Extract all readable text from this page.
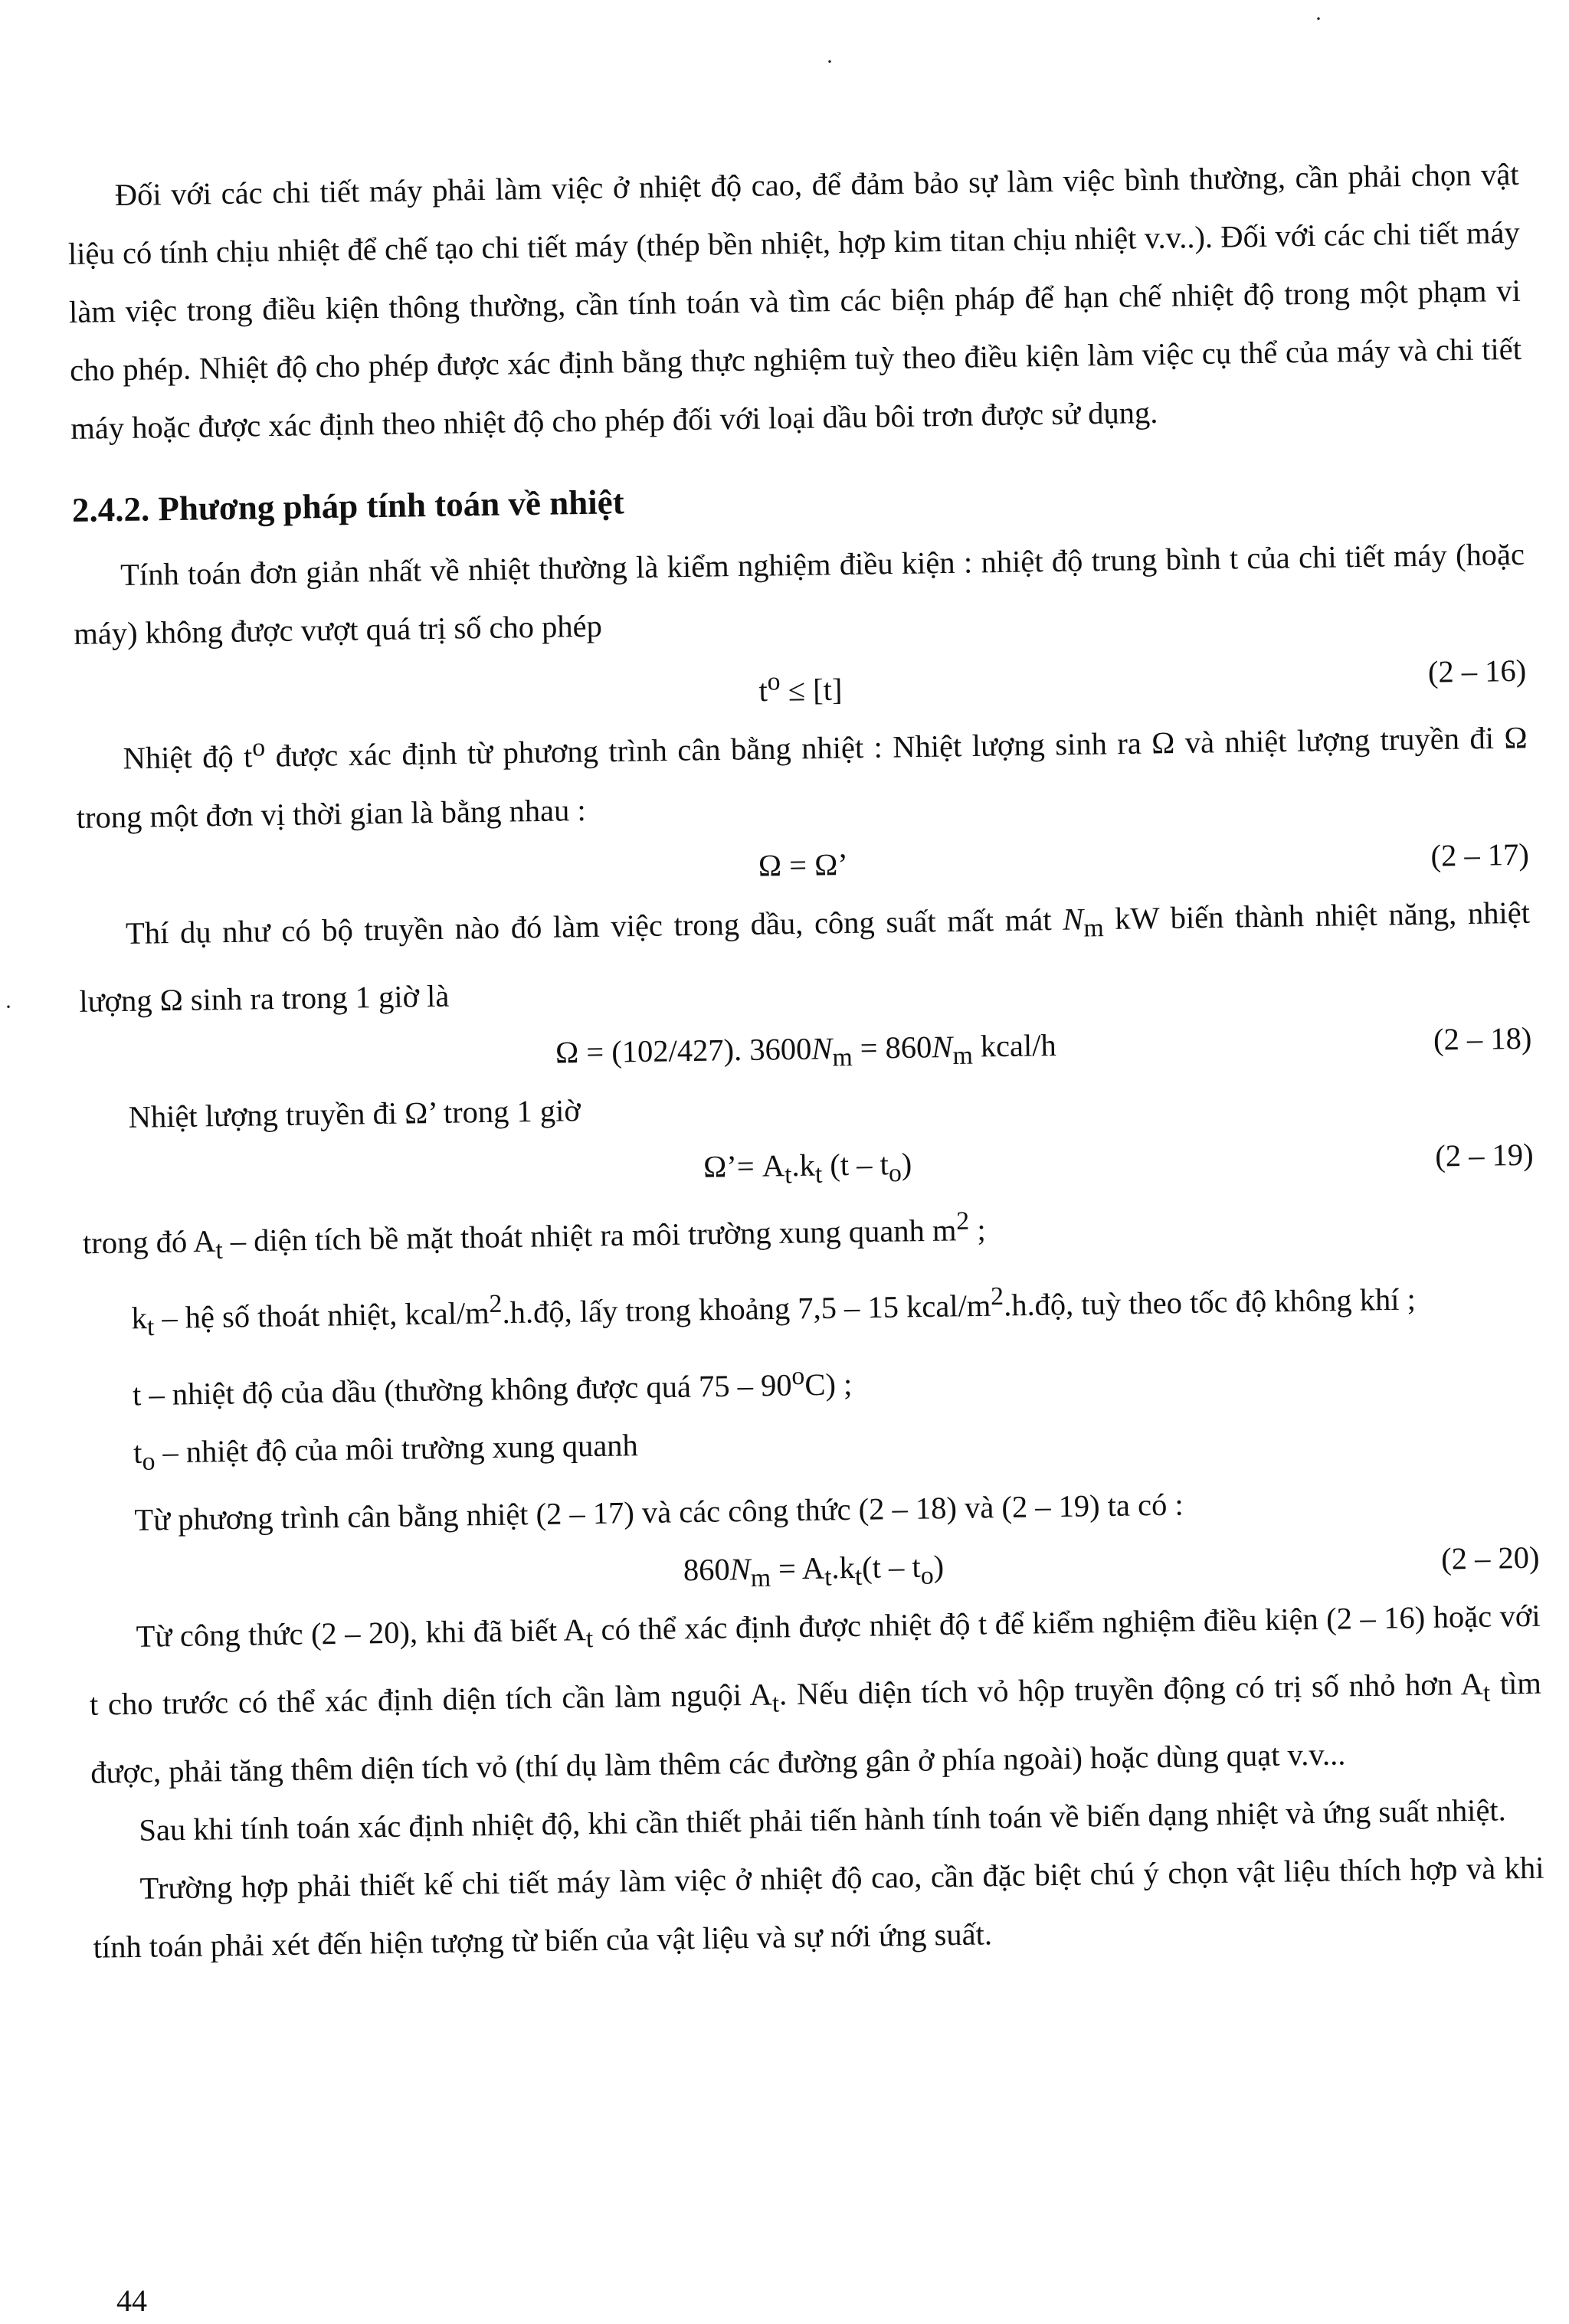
·
·
·

Đối với các chi tiết máy phải làm việc ở nhiệt độ cao, để đảm bảo sự làm việc bình thường, cần phải chọn vật liệu có tính chịu nhiệt để chế tạo chi tiết máy (thép bền nhiệt, hợp kim titan chịu nhiệt v.v..). Đối với các chi tiết máy làm việc trong điều kiện thông thường, cần tính toán và tìm các biện pháp để hạn chế nhiệt độ trong một phạm vi cho phép. Nhiệt độ cho phép được xác định bằng thực nghiệm tuỳ theo điều kiện làm việc cụ thể của máy và chi tiết máy hoặc được xác định theo nhiệt độ cho phép đối với loại dầu bôi trơn được sử dụng.

2.4.2. Phương pháp tính toán về nhiệt

Tính toán đơn giản nhất về nhiệt thường là kiểm nghiệm điều kiện : nhiệt độ trung bình t của chi tiết máy (hoặc máy) không được vượt quá trị số cho phép

$t^o \le [t]$
(2 – 16)

Nhiệt độ $t^o$ được xác định từ phương trình cân bằng nhiệt : Nhiệt lượng sinh ra Ω và nhiệt lượng truyền đi Ω trong một đơn vị thời gian là bằng nhau :

Ω = Ω’	(2 – 17)

Thí dụ như có bộ truyền nào đó làm việc trong dầu, công suất mất mát $N_m$ kW biến thành nhiệt năng, nhiệt lượng Ω sinh ra trong 1 giờ là

Ω = (102/427). $3600N_m = 860N_m$ kcal/h	(2 – 18)

Nhiệt lượng truyền đi Ω’ trong 1 giờ

Ω’= $A_t.k_t$ $(t - t_o)$	(2 – 19)

trong đó $A_t$ – diện tích bề mặt thoát nhiệt ra môi trường xung quanh $m^2$ ;

$k_t$ – hệ số thoát nhiệt, kcal/$m^2.h.độ$, lấy trong khoảng 7,5 – 15 kcal/$m^2.h.độ$, tuỳ theo tốc độ không khí ;

t – nhiệt độ của dầu (thường không được quá 75 – 90$^o$C) ;

$t_o$ – nhiệt độ của môi trường xung quanh

Từ phương trình cân bằng nhiệt (2 – 17) và các công thức (2 – 18) và (2 – 19) ta có :

$860N_m = A_t.k_t(t - t_o)$	(2 – 20)

Từ công thức (2 – 20), khi đã biết $A_t$ có thể xác định được nhiệt độ t để kiểm nghiệm điều kiện (2 – 16) hoặc với t cho trước có thể xác định diện tích cần làm nguội $A_t$. Nếu diện tích vỏ hộp truyền động có trị số nhỏ hơn $A_t$ tìm được, phải tăng thêm diện tích vỏ (thí dụ làm thêm các đường gân ở phía ngoài) hoặc dùng quạt v.v...

Sau khi tính toán xác định nhiệt độ, khi cần thiết phải tiến hành tính toán về biến dạng nhiệt và ứng suất nhiệt.

Trường hợp phải thiết kế chi tiết máy làm việc ở nhiệt độ cao, cần đặc biệt chú ý chọn vật liệu thích hợp và khi tính toán phải xét đến hiện tượng từ biến của vật liệu và sự nới ứng suất.

44
